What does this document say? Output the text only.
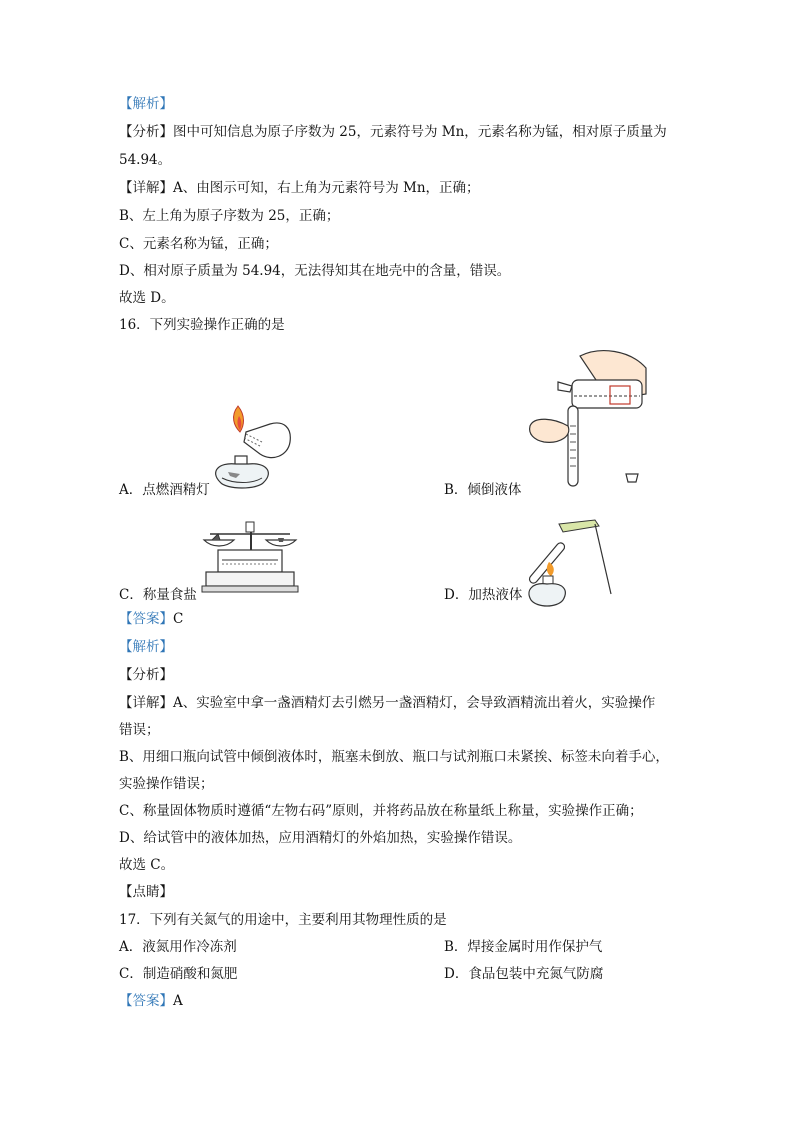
【解析】
【分析】图中可知信息为原子序数为 25，元素符号为 Mn，元素名称为锰，相对原子质量为
54.94。
【详解】A、由图示可知，右上角为元素符号为 Mn，正确；
B、左上角为原子序数为 25，正确；
C、元素名称为锰，正确；
D、相对原子质量为 54.94，无法得知其在地壳中的含量，错误。
故选 D。
16．下列实验操作正确的是
A．点燃酒精灯	B．倾倒液体
C．称量食盐	D．加热液体
【答案】C
【解析】
【分析】
【详解】A、实验室中拿一盏酒精灯去引燃另一盏酒精灯，会导致酒精流出着火，实验操作
错误；
B、用细口瓶向试管中倾倒液体时，瓶塞未倒放、瓶口与试剂瓶口未紧挨、标签未向着手心，
实验操作错误；
C、称量固体物质时遵循“左物右码”原则，并将药品放在称量纸上称量，实验操作正确；
D、给试管中的液体加热，应用酒精灯的外焰加热，实验操作错误。
故选 C。
【点睛】
17．下列有关氮气的用途中，主要利用其物理性质的是
A．液氮用作冷冻剂	B．焊接金属时用作保护气
C．制造硝酸和氮肥	D．食品包装中充氮气防腐
【答案】A
